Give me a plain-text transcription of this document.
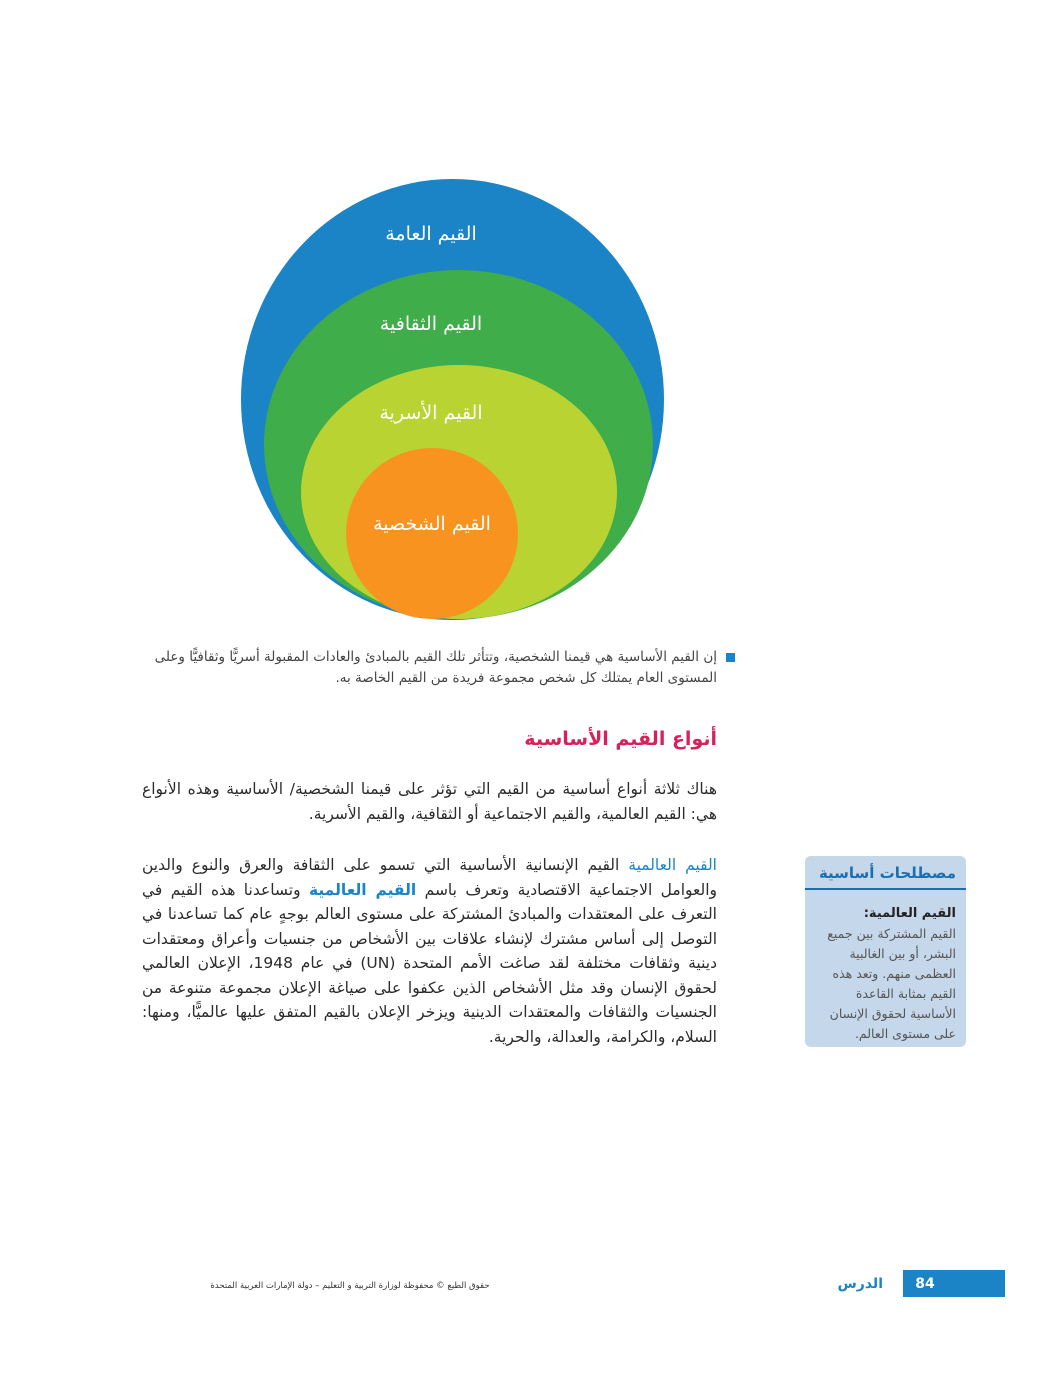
القيم العامة
القيم الثقافية
القيم الأسرية
القيم الشخصية
إن القيم الأساسية هي قيمنا الشخصية، وتتأثر تلك القيم بالمبادئ والعادات المقبولة أسريًّا وثقافيًّا وعلى المستوى العام يمتلك كل شخص مجموعة فريدة من القيم الخاصة به.
أنواع القيم الأساسية

هناك ثلاثة أنواع أساسية من القيم التي تؤثر على قيمنا الشخصية/ الأساسية وهذه الأنواع هي: القيم العالمية، والقيم الاجتماعية أو الثقافية، والقيم الأسرية.

القيم العالمية القيم الإنسانية الأساسية التي تسمو على الثقافة والعرق والنوع والدين والعوامل الاجتماعية الاقتصادية وتعرف باسم القيم العالمية وتساعدنا هذه القيم في التعرف على المعتقدات والمبادئ المشتركة على مستوى العالم بوجهٍ عام كما تساعدنا في التوصل إلى أساس مشترك لإنشاء علاقات بين الأشخاص من جنسيات وأعراق ومعتقدات دينية وثقافات مختلفة لقد صاغت الأمم المتحدة (UN) في عام 1948، الإعلان العالمي لحقوق الإنسان وقد مثل الأشخاص الذين عكفوا على صياغة الإعلان مجموعة متنوعة من الجنسيات والثقافات والمعتقدات الدينية ويزخر الإعلان بالقيم المتفق عليها عالميًّا، ومنها: السلام، والكرامة، والعدالة، والحرية.

مصطلحات أساسية
القيم العالمية:
القيم المشتركة بين جميع البشر، أو بين الغالبية العظمى منهم. وتعد هذه القيم بمثابة القاعدة الأساسية لحقوق الإنسان على مستوى العالم.
84
الدرس
حقوق الطبع © محفوظة لوزارة التربية و التعليم – دولة الإمارات العربية المتحدة
